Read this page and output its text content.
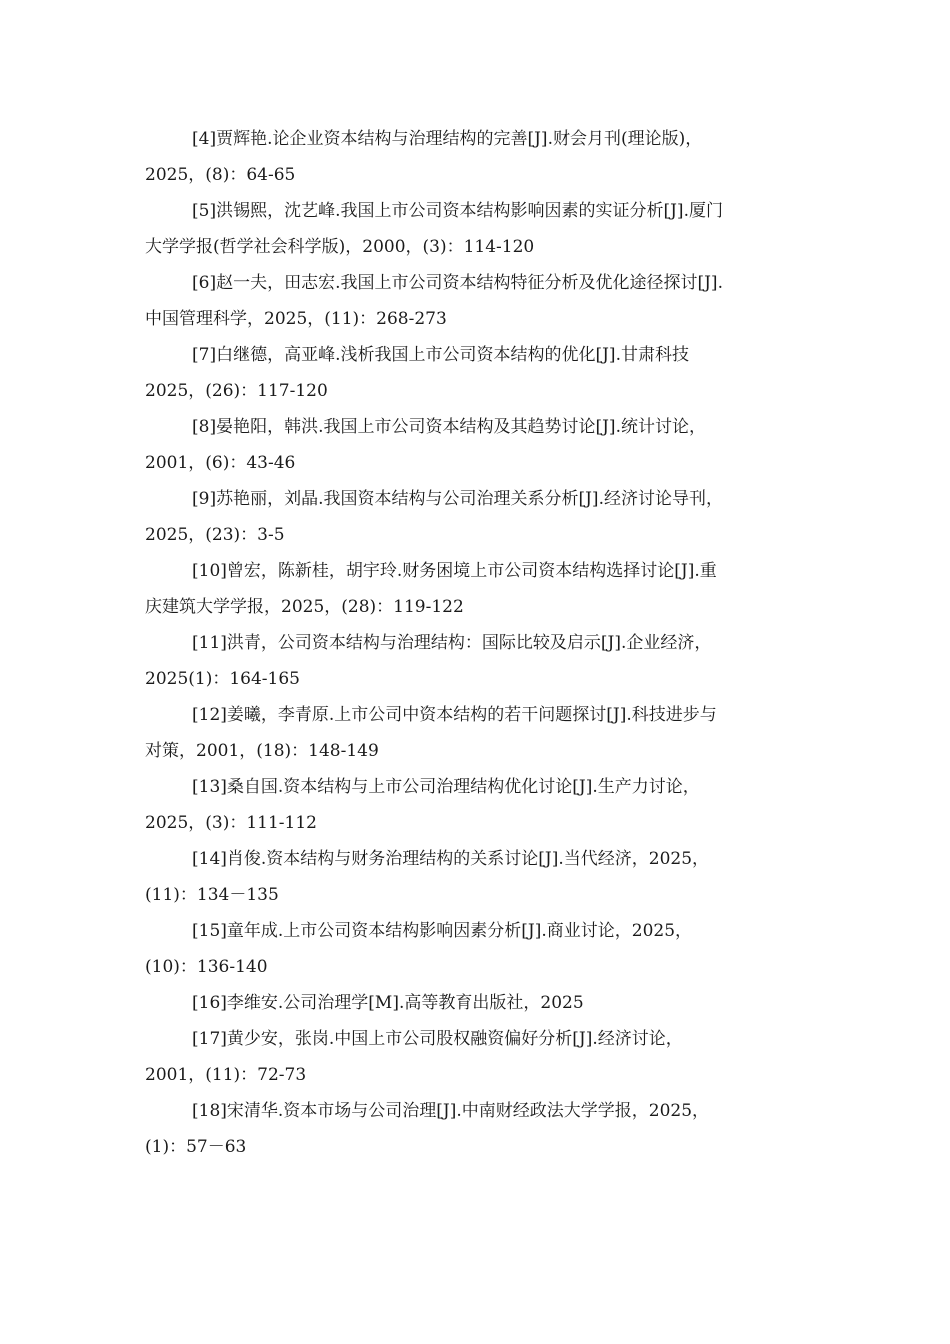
[4]贾辉艳.论企业资本结构与治理结构的完善[J].财会月刊(理论版)，
2025，(8)：64-65

[5]洪锡熙，沈艺峰.我国上市公司资本结构影响因素的实证分析[J].厦门
大学学报(哲学社会科学版)，2000，(3)：114-120

[6]赵一夫，田志宏.我国上市公司资本结构特征分析及优化途径探讨[J].
中国管理科学，2025，(11)：268-273

[7]白继德，高亚峰.浅析我国上市公司资本结构的优化[J].甘肃科技
2025，(26)：117-120

[8]晏艳阳，韩洪.我国上市公司资本结构及其趋势讨论[J].统计讨论，
2001，(6)：43-46

[9]苏艳丽，刘晶.我国资本结构与公司治理关系分析[J].经济讨论导刊，
2025，(23)：3-5

[10]曾宏，陈新桂，胡宇玲.财务困境上市公司资本结构选择讨论[J].重
庆建筑大学学报，2025，(28)：119-122

[11]洪青，公司资本结构与治理结构：国际比较及启示[J].企业经济，
2025(1)：164-165

[12]姜曦，李青原.上市公司中资本结构的若干问题探讨[J].科技进步与
对策，2001，(18)：148-149

[13]桑自国.资本结构与上市公司治理结构优化讨论[J].生产力讨论，
2025，(3)：111-112

[14]肖俊.资本结构与财务治理结构的关系讨论[J].当代经济，2025，
(11)：134－135

[15]童年成.上市公司资本结构影响因素分析[J].商业讨论，2025，
(10)：136-140

[16]李维安.公司治理学[M].高等教育出版社，2025

[17]黄少安，张岗.中国上市公司股权融资偏好分析[J].经济讨论，
2001，(11)：72-73

[18]宋清华.资本市场与公司治理[J].中南财经政法大学学报，2025，
(1)：57－63
